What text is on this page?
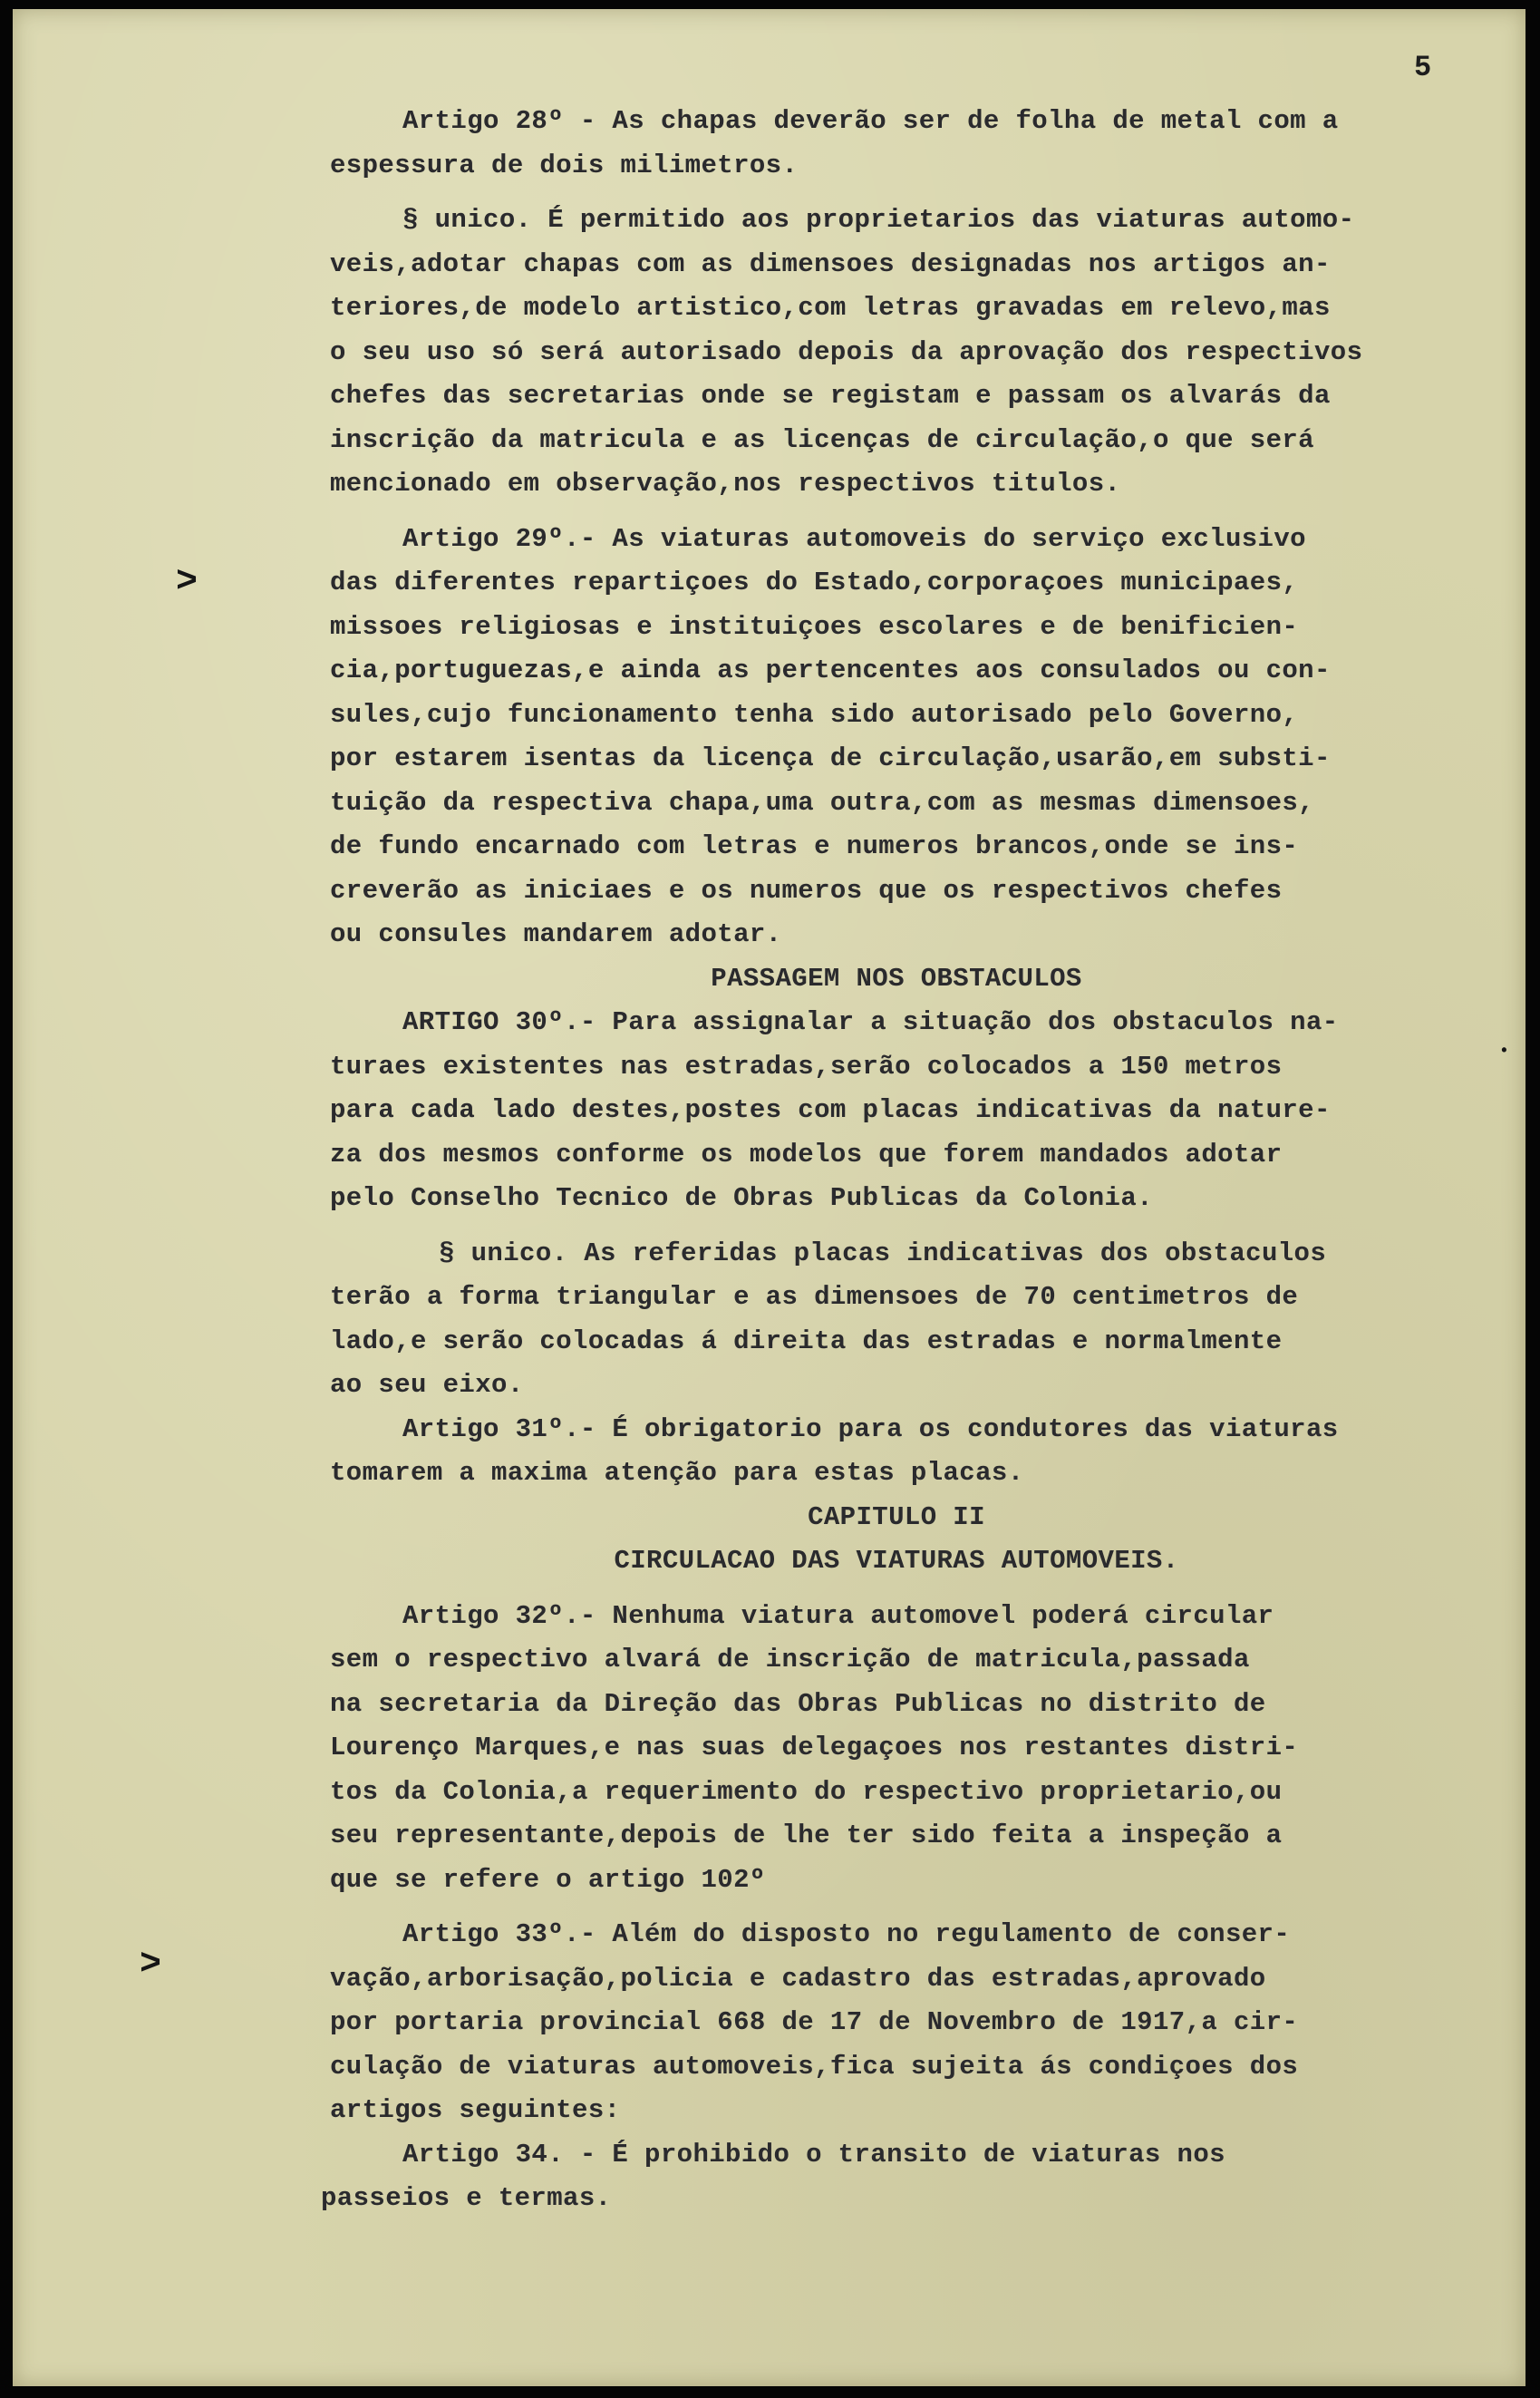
5
˃
˃
•
Artigo 28º - As chapas deverão ser de folha de metal com a
espessura de dois milimetros.
§ unico. É permitido aos proprietarios das viaturas automo-
veis,adotar chapas com as dimensoes designadas nos artigos an-
teriores,de modelo artistico,com letras gravadas em relevo,mas
o seu uso só será autorisado depois da aprovação dos respectivos
chefes das secretarias onde se registam e passam os alvarás da
inscrição da matricula e as licenças de circulação,o que será
mencionado em observação,nos respectivos titulos.
Artigo 29º.- As viaturas automoveis do serviço exclusivo
das diferentes repartiçoes do Estado,corporaçoes municipaes,
missoes religiosas e instituiçoes escolares e de benificien-
cia,portuguezas,e ainda as pertencentes aos consulados ou con-
sules,cujo funcionamento tenha sido autorisado pelo Governo,
por estarem isentas da licença de circulação,usarão,em substi-
tuição da respectiva chapa,uma outra,com as mesmas dimensoes,
de fundo encarnado com letras e numeros brancos,onde se ins-
creverão as iniciaes e os numeros que os respectivos chefes
ou consules mandarem adotar.
PASSAGEM NOS OBSTACULOS
ARTIGO 30º.- Para assignalar a situação dos obstaculos na-
turaes existentes nas estradas,serão colocados a 150 metros
para cada lado destes,postes com placas indicativas da nature-
za dos mesmos conforme os modelos que forem mandados adotar
pelo Conselho Tecnico de Obras Publicas da Colonia.
§ unico. As referidas placas indicativas dos obstaculos
terão a forma triangular e as dimensoes de 70 centimetros de
lado,e serão colocadas á direita das estradas e normalmente
ao seu eixo.
Artigo 31º.- É obrigatorio para os condutores das viaturas
tomarem a maxima atenção para estas placas.
CAPITULO II
CIRCULACAO DAS VIATURAS AUTOMOVEIS.
Artigo 32º.- Nenhuma viatura automovel poderá circular
sem o respectivo alvará de inscrição de matricula,passada
na secretaria da Direção das Obras Publicas no distrito de
Lourenço Marques,e nas suas delegaçoes nos restantes distri-
tos da Colonia,a requerimento do respectivo proprietario,ou
seu representante,depois de lhe ter sido feita a inspeção a
que se refere o artigo 102º
Artigo 33º.- Além do disposto no regulamento de conser-
vação,arborisação,policia e cadastro das estradas,aprovado
por portaria provincial 668 de 17 de Novembro de 1917,a cir-
culação de viaturas automoveis,fica sujeita ás condiçoes dos
artigos seguintes:
Artigo 34. - É prohibido o transito de viaturas nos
passeios e termas.
